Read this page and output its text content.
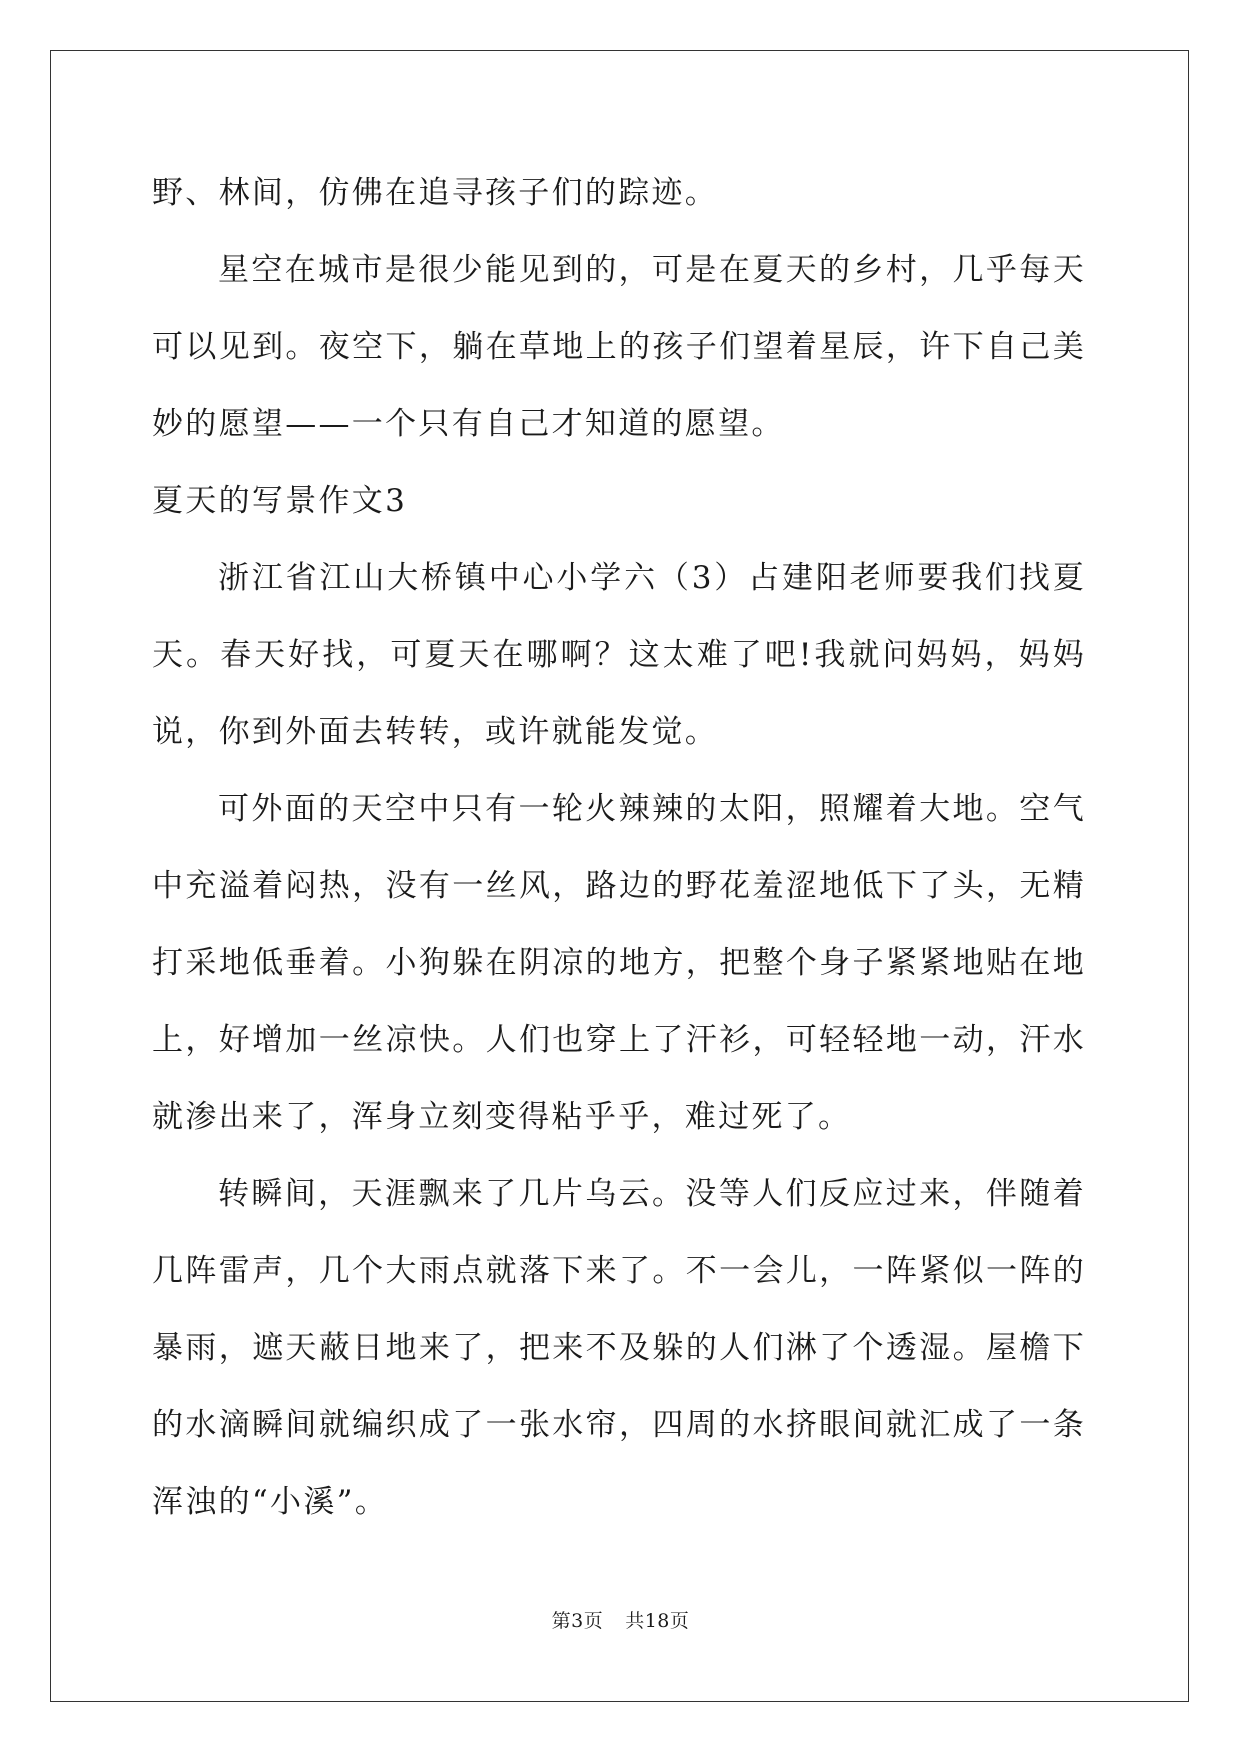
野、林间，仿佛在追寻孩子们的踪迹。

星空在城市是很少能见到的，可是在夏天的乡村，几乎每天可以见到。夜空下，躺在草地上的孩子们望着星辰，许下自己美妙的愿望——一个只有自己才知道的愿望。

夏天的写景作文3

浙江省江山大桥镇中心小学六（3）占建阳老师要我们找夏天。春天好找，可夏天在哪啊？这太难了吧!我就问妈妈，妈妈说，你到外面去转转，或许就能发觉。

可外面的天空中只有一轮火辣辣的太阳，照耀着大地。空气中充溢着闷热，没有一丝风，路边的野花羞涩地低下了头，无精打采地低垂着。小狗躲在阴凉的地方，把整个身子紧紧地贴在地上，好增加一丝凉快。人们也穿上了汗衫，可轻轻地一动，汗水就渗出来了，浑身立刻变得粘乎乎，难过死了。

转瞬间，天涯飘来了几片乌云。没等人们反应过来，伴随着几阵雷声，几个大雨点就落下来了。不一会儿，一阵紧似一阵的暴雨，遮天蔽日地来了，把来不及躲的人们淋了个透湿。屋檐下的水滴瞬间就编织成了一张水帘，四周的水挤眼间就汇成了一条浑浊的“小溪”。

第3页 共18页
